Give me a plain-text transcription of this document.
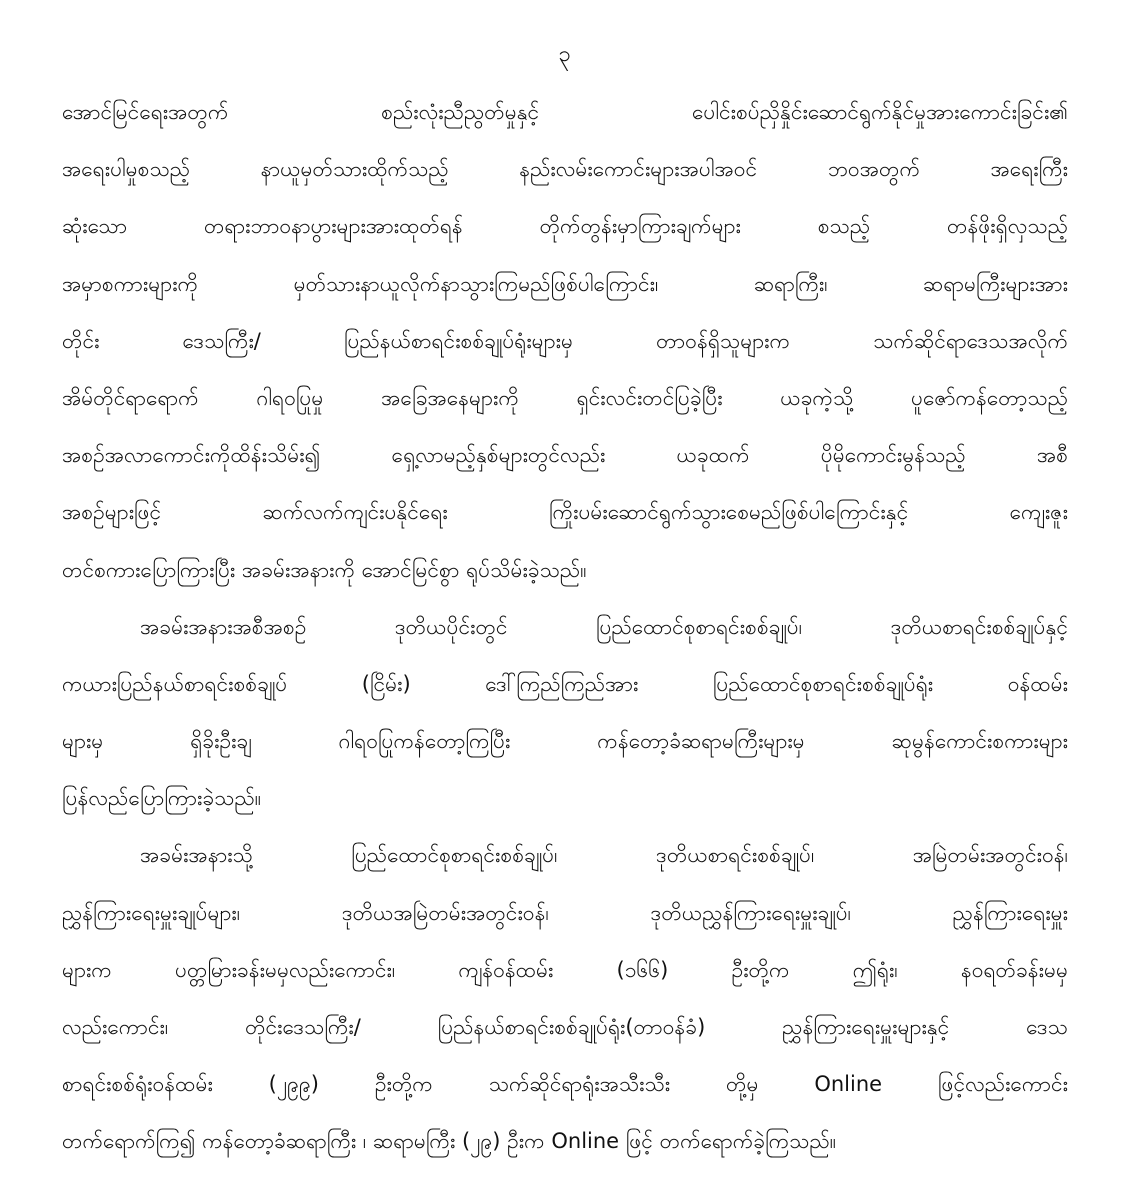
၃
အောင်မြင်ရေးအတွက် စည်းလုံးညီညွတ်မှုနှင့် ပေါင်းစပ်ညှိနှိုင်းဆောင်ရွက်နိုင်မှုအားကောင်းခြင်း၏
အရေးပါမှုစသည့် နာယူမှတ်သားထိုက်သည့် နည်းလမ်းကောင်းများအပါအဝင် ဘဝအတွက် အရေးကြီး
ဆုံးသော တရားဘာဝနာပွားများအားထုတ်ရန် တိုက်တွန်းမှာကြားချက်များ စသည့် တန်ဖိုးရှိလှသည့်
အမှာစကားများကို မှတ်သားနာယူလိုက်နာသွားကြမည်ဖြစ်ပါကြောင်း၊ ဆရာကြီး၊ ဆရာမကြီးများအား
တိုင်း ဒေသကြီး/ ပြည်နယ်စာရင်းစစ်ချုပ်ရုံးများမှ တာဝန်ရှိသူများက သက်ဆိုင်ရာဒေသအလိုက်
အိမ်တိုင်ရာရောက် ဂါရဝပြုမှု အခြေအနေများကို ရှင်းလင်းတင်ပြခဲ့ပြီး ယခုကဲ့သို့ ပူဇော်ကန်တော့သည့်
အစဉ်အလာကောင်းကိုထိန်းသိမ်း၍ ရှေ့လာမည့်နှစ်များတွင်လည်း ယခုထက် ပိုမိုကောင်းမွန်သည့် အစီ
အစဉ်များဖြင့် ဆက်လက်ကျင်းပနိုင်ရေး ကြိုးပမ်းဆောင်ရွက်သွားစေမည်ဖြစ်ပါကြောင်းနှင့် ကျေးဇူး
တင်စကားပြောကြားပြီး အခမ်းအနားကို အောင်မြင်စွာ ရုပ်သိမ်းခဲ့သည်။
အခမ်းအနားအစီအစဉ် ဒုတိယပိုင်းတွင် ပြည်ထောင်စုစာရင်းစစ်ချုပ်၊ ဒုတိယစာရင်းစစ်ချုပ်နှင့်
ကယားပြည်နယ်စာရင်းစစ်ချုပ် (ငြိမ်း) ဒေါ်ကြည်ကြည်အား ပြည်ထောင်စုစာရင်းစစ်ချုပ်ရုံး ဝန်ထမ်း
များမှ ရှိခိုးဦးချ ဂါရဝပြုကန်တော့ကြပြီး ကန်တော့ခံဆရာမကြီးများမှ ဆုမွန်ကောင်းစကားများ
ပြန်လည်ပြောကြားခဲ့သည်။
အခမ်းအနားသို့ ပြည်ထောင်စုစာရင်းစစ်ချုပ်၊ ဒုတိယစာရင်းစစ်ချုပ်၊ အမြဲတမ်းအတွင်းဝန်၊
ညွှန်ကြားရေးမှူးချုပ်များ၊ ဒုတိယအမြဲတမ်းအတွင်းဝန်၊ ဒုတိယညွှန်ကြားရေးမှူးချုပ်၊ ညွှန်ကြားရေးမှူး
များက ပတ္တမြားခန်းမမှလည်းကောင်း၊ ကျန်ဝန်ထမ်း (၁၆၆) ဦးတို့က ဤရုံး၊ နဝရတ်ခန်းမမှ
လည်းကောင်း၊ တိုင်းဒေသကြီး/ ပြည်နယ်စာရင်းစစ်ချုပ်ရုံး(တာဝန်ခံ) ညွှန်ကြားရေးမှူးများနှင့် ဒေသ
စာရင်းစစ်ရုံးဝန်ထမ်း (၂၉၉) ဦးတို့က သက်ဆိုင်ရာရုံးအသီးသီး တို့မှ Online ဖြင့်လည်းကောင်း
တက်ရောက်ကြ၍ ကန်တော့ခံဆရာကြီး ၊ ဆရာမကြီး (၂၉) ဦးက Online ဖြင့် တက်ရောက်ခဲ့ကြသည်။
